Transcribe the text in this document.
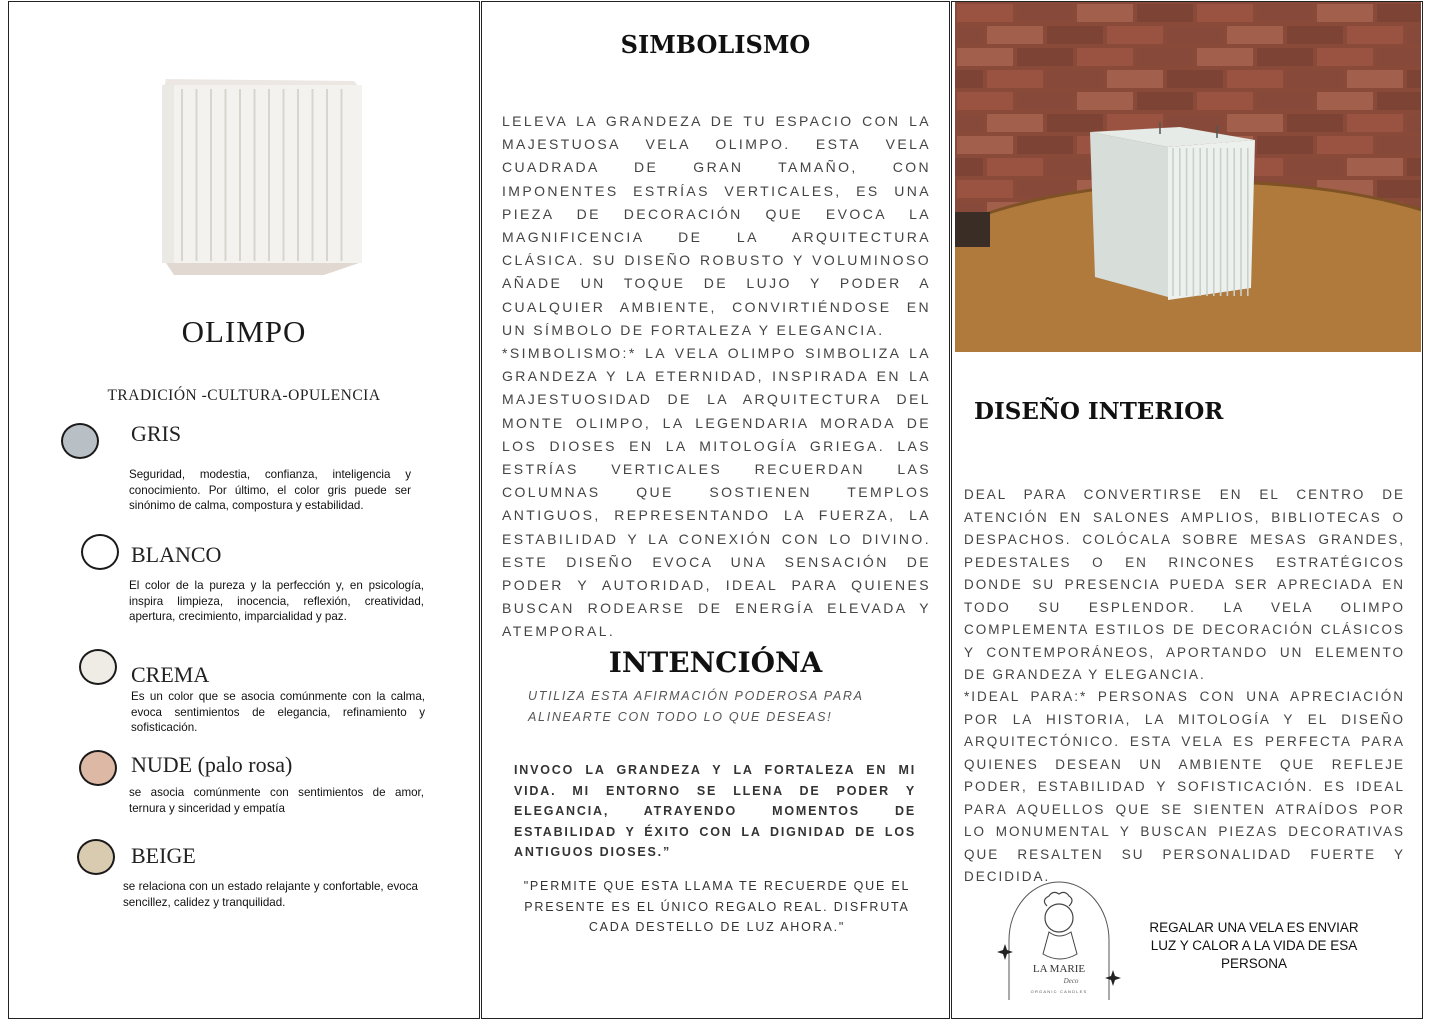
OLIMPO
TRADICIÓN -CULTURA-OPULENCIA
GRIS
Seguridad, modestia, confianza, inteligencia y conocimiento. Por último, el color gris puede ser sinónimo de calma, compostura y estabilidad.
BLANCO
El color de la pureza y la perfección y, en psicología, inspira limpieza, inocencia, reflexión, creatividad, apertura, crecimiento, imparcialidad y paz.
CREMA
Es un color que se asocia comúnmente con la calma, evoca sentimientos de elegancia, refinamiento y sofisticación.
NUDE (palo rosa)
se asocia comúnmente con sentimientos de amor, ternura y sinceridad y empatía
BEIGE
se relaciona con un estado relajante y confortable, evoca sencillez, calidez y tranquilidad.
SIMBOLISMO
LELEVA LA GRANDEZA DE TU ESPACIO CON LA MAJESTUOSA VELA OLIMPO. ESTA VELA CUADRADA DE GRAN TAMAÑO, CON IMPONENTES ESTRÍAS VERTICALES, ES UNA PIEZA DE DECORACIÓN QUE EVOCA LA MAGNIFICENCIA DE LA ARQUITECTURA CLÁSICA. SU DISEÑO ROBUSTO Y VOLUMINOSO AÑADE UN TOQUE DE LUJO Y PODER A CUALQUIER AMBIENTE, CONVIRTIÉNDOSE EN UN SÍMBOLO DE FORTALEZA Y ELEGANCIA.
*SIMBOLISMO:* LA VELA OLIMPO SIMBOLIZA LA GRANDEZA Y LA ETERNIDAD, INSPIRADA EN LA MAJESTUOSIDAD DE LA ARQUITECTURA DEL MONTE OLIMPO, LA LEGENDARIA MORADA DE LOS DIOSES EN LA MITOLOGÍA GRIEGA. LAS ESTRÍAS VERTICALES RECUERDAN LAS COLUMNAS QUE SOSTIENEN TEMPLOS ANTIGUOS, REPRESENTANDO LA FUERZA, LA ESTABILIDAD Y LA CONEXIÓN CON LO DIVINO. ESTE DISEÑO EVOCA UNA SENSACIÓN DE PODER Y AUTORIDAD, IDEAL PARA QUIENES BUSCAN RODEARSE DE ENERGÍA ELEVADA Y ATEMPORAL.
INTENCIÓNA
UTILIZA ESTA AFIRMACIÓN PODEROSA PARA ALINEARTE CON TODO LO QUE DESEAS!
INVOCO LA GRANDEZA Y LA FORTALEZA EN MI VIDA. MI ENTORNO SE LLENA DE PODER Y ELEGANCIA, ATRAYENDO MOMENTOS DE ESTABILIDAD Y ÉXITO CON LA DIGNIDAD DE LOS ANTIGUOS DIOSES.”
"PERMITE QUE ESTA LLAMA TE RECUERDE QUE EL PRESENTE ES EL ÚNICO REGALO REAL. DISFRUTA CADA DESTELLO DE LUZ AHORA."
DISEÑO INTERIOR
DEAL PARA CONVERTIRSE EN EL CENTRO DE ATENCIÓN EN SALONES AMPLIOS, BIBLIOTECAS O DESPACHOS. COLÓCALA SOBRE MESAS GRANDES, PEDESTALES O EN RINCONES ESTRATÉGICOS DONDE SU PRESENCIA PUEDA SER APRECIADA EN TODO SU ESPLENDOR. LA VELA OLIMPO COMPLEMENTA ESTILOS DE DECORACIÓN CLÁSICOS Y CONTEMPORÁNEOS, APORTANDO UN ELEMENTO DE GRANDEZA Y ELEGANCIA.
*IDEAL PARA:* PERSONAS CON UNA APRECIACIÓN POR LA HISTORIA, LA MITOLOGÍA Y EL DISEÑO ARQUITECTÓNICO. ESTA VELA ES PERFECTA PARA QUIENES DESEAN UN AMBIENTE QUE REFLEJE PODER, ESTABILIDAD Y SOFISTICACIÓN. ES IDEAL PARA AQUELLOS QUE SE SIENTEN ATRAÍDOS POR LO MONUMENTAL Y BUSCAN PIEZAS DECORATIVAS QUE RESALTEN SU PERSONALIDAD FUERTE Y DECIDIDA.
LA MARIE
Deco
ORGANIC CANDLES
REGALAR UNA VELA ES ENVIAR LUZ Y CALOR A LA VIDA DE ESA PERSONA
